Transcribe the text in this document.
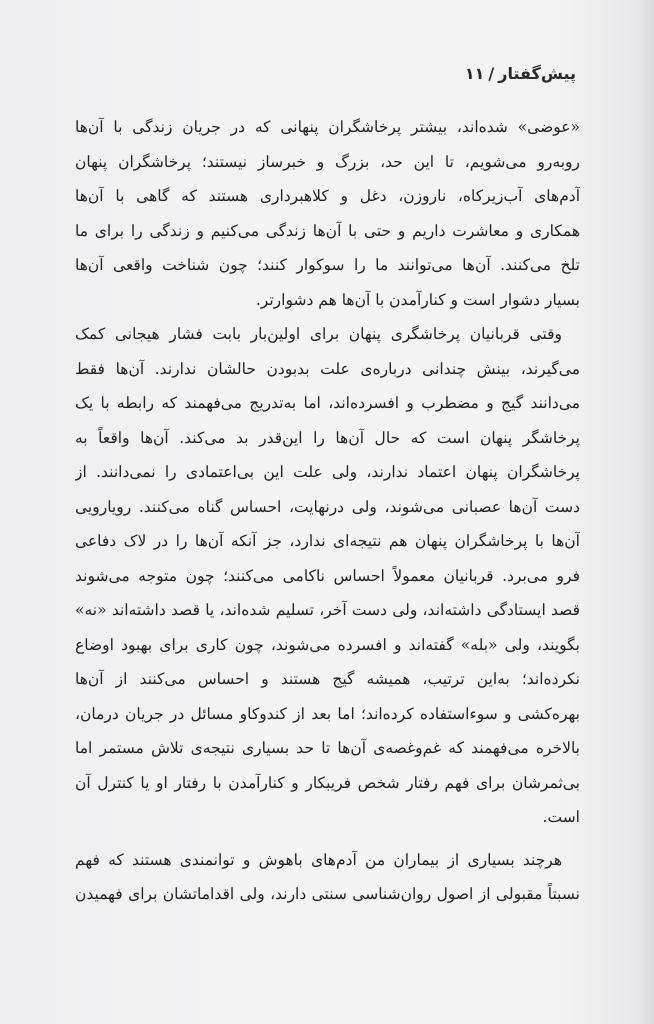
پیش‌گفتار/۱۱
«عوضی» شده‌اند، بیشتر پرخاشگران پنهانی که در جریان زندگی با آن‌ها
روبه‌رو می‌شویم، تا این حد، بزرگ و خبرساز نیستند؛ پرخاشگران پنهان
آدم‌های آب‌زیرکاه، ناروزن، دغل و کلاهبرداری هستند که گاهی با آن‌ها
همکاری و معاشرت داریم و حتی با آن‌ها زندگی می‌کنیم و زندگی را برای ما
تلخ می‌کنند. آن‌ها می‌توانند ما را سوکوار کنند؛ چون شناخت واقعی آن‌ها
بسیار دشوار است و کنارآمدن با آن‌ها هم دشوارتر.
وقتی قربانیان پرخاشگری پنهان برای اولین‌بار بابت فشار هیجانی کمک
می‌گیرند، بینش چندانی درباره‌ی علت بدبودن حالشان ندارند. آن‌ها فقط
می‌دانند گیج و مضطرب و افسرده‌اند، اما به‌تدریج می‌فهمند که رابطه با یک
پرخاشگر پنهان است که حال آن‌ها را این‌قدر بد می‌کند. آن‌ها واقعاً به
پرخاشگران پنهان اعتماد ندارند، ولی علت این بی‌اعتمادی را نمی‌دانند. از
دست آن‌ها عصبانی می‌شوند، ولی درنهایت، احساس گناه می‌کنند. رویارویی
آن‌ها با پرخاشگران پنهان هم نتیجه‌ای ندارد، جز آنکه آن‌ها را در لاک دفاعی
فرو می‌برد. قربانیان معمولاً احساس ناکامی می‌کنند؛ چون متوجه می‌شوند
قصد ایستادگی داشته‌اند، ولی دست آخر، تسلیم شده‌اند، یا قصد داشته‌اند «نه»
بگویند، ولی «بله» گفته‌اند و افسرده می‌شوند، چون کاری برای بهبود اوضاع
نکرده‌اند؛ به‌این ترتیب، همیشه گیج هستند و احساس می‌کنند از آن‌ها
بهره‌کشی و سوءاستفاده کرده‌اند؛ اما بعد از کندوکاو مسائل در جریان درمان،
بالاخره می‌فهمند که غم‌وغصه‌ی آن‌ها تا حد بسیاری نتیجه‌ی تلاش مستمر اما
بی‌ثمرشان برای فهم رفتار شخص فریبکار و کنارآمدن با رفتار او یا کنترل آن
است.
هرچند بسیاری از بیماران من آدم‌های باهوش و توانمندی هستند که فهم
نسبتاً مقبولی از اصول روان‌شناسی سنتی دارند، ولی اقداماتشان برای فهمیدن
